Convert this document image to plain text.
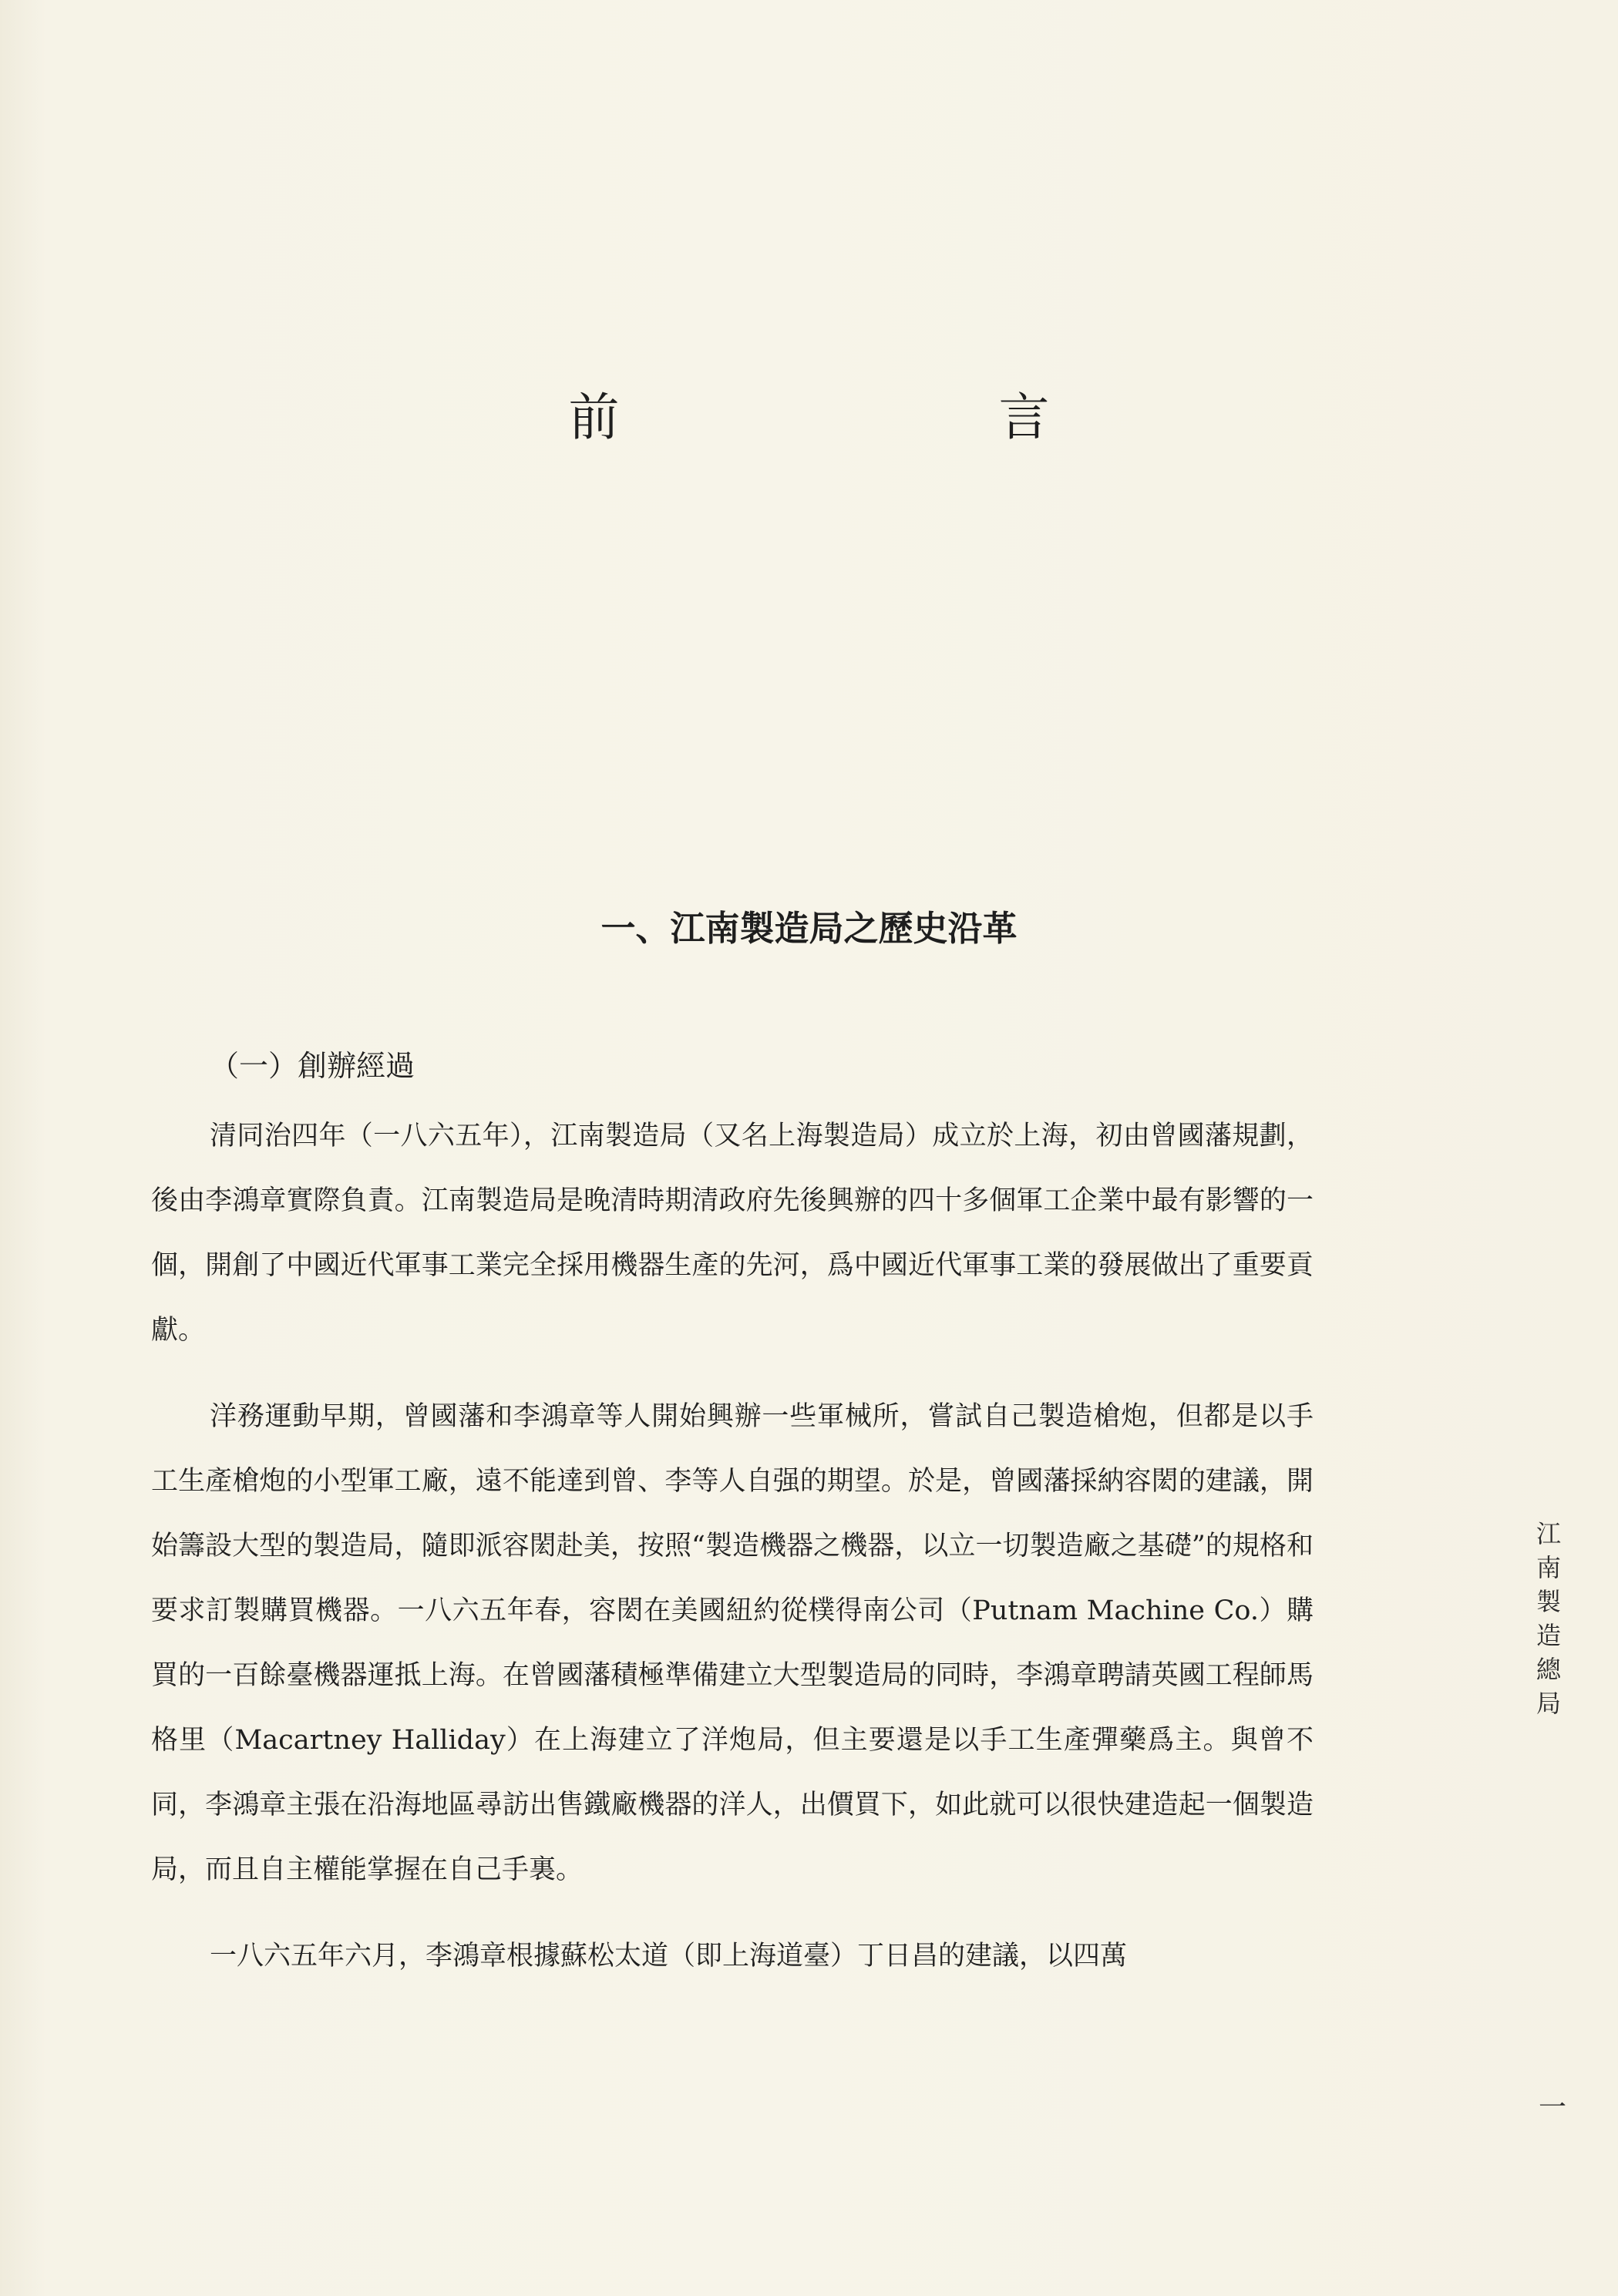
前　　言
一、江南製造局之歷史沿革
（一）創辦經過

清同治四年（一八六五年），江南製造局（又名上海製造局）成立於上海，初由曾國藩規劃，後由李鴻章實際負責。江南製造局是晚清時期清政府先後興辦的四十多個軍工企業中最有影響的一個，開創了中國近代軍事工業完全採用機器生產的先河，爲中國近代軍事工業的發展做出了重要貢獻。

洋務運動早期，曾國藩和李鴻章等人開始興辦一些軍械所，嘗試自己製造槍炮，但都是以手工生產槍炮的小型軍工廠，遠不能達到曾、李等人自强的期望。於是，曾國藩採納容閎的建議，開始籌設大型的製造局，隨即派容閎赴美，按照“製造機器之機器，以立一切製造廠之基礎”的規格和要求訂製購買機器。一八六五年春，容閎在美國紐約從樸得南公司（Putnam Machine Co.）購買的一百餘臺機器運抵上海。在曾國藩積極準備建立大型製造局的同時，李鴻章聘請英國工程師馬格里（Macartney Halliday）在上海建立了洋炮局，但主要還是以手工生產彈藥爲主。與曾不同，李鴻章主張在沿海地區尋訪出售鐵廠機器的洋人，出價買下，如此就可以很快建造起一個製造局，而且自主權能掌握在自己手裏。

一八六五年六月，李鴻章根據蘇松太道（即上海道臺）丁日昌的建議，以四萬

江
南
製
造
總
局
一
